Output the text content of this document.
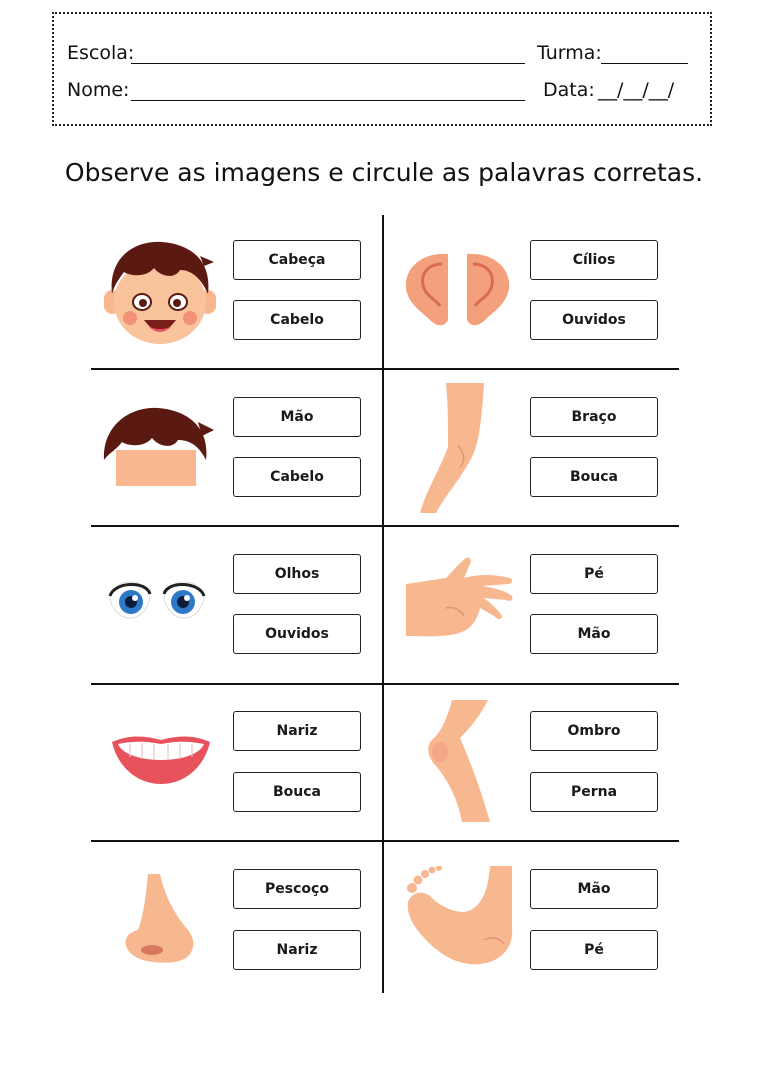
Escola:	Turma:
Nome:	Data: __/__/__/
Observe as imagens e circule as palavras corretas.
Cabeça
Cabelo
Cílios
Ouvidos
Mão
Cabelo
Braço
Bouca
Olhos
Ouvidos
Pé
Mão
Nariz
Bouca
Ombro
Perna
Pescoço
Nariz
Mão
Pé
